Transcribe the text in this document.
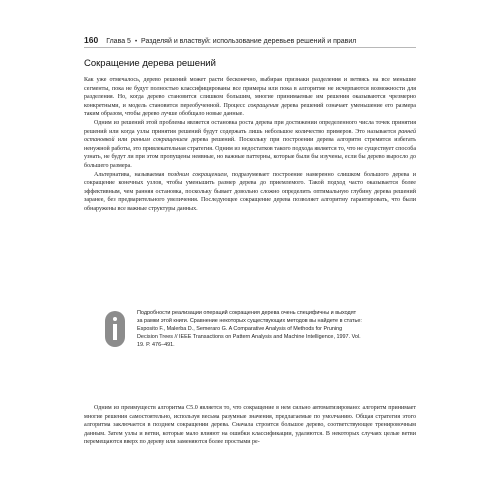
160 Глава 5 • Разделяй и властвуй: использование деревьев решений и правил
Сокращение дерева решений

Как уже отмечалось, дерево решений может расти бесконечно, выбирая признаки разделения и ветвясь на все меньшие сегменты, пока не будут полностью классифицированы все примеры или пока в алгоритме не исчерпаются возможности для разделения. Но, когда дерево становится слишком большим, многие принимаемые им решения оказываются чрезмерно конкретными, и модель становится переобученной. Процесс сокращения дерева решений означает уменьшение его размера таким образом, чтобы дерево лучше обобщало новые данные.

Одним из решений этой проблемы является остановка роста дерева при достижении определенного числа точек принятия решений или когда узлы принятия решений будут содержать лишь небольшое количество примеров. Это называется ранней остановкой или ранним сокращением дерева решений. Поскольку при построении дерева алгоритм стремится избегать ненужной работы, это привлекательная стратегия. Одним из недостатков такого подхода является то, что не существует способа узнать, не будут ли при этом пропущены неявные, но важные паттерны, которые были бы изучены, если бы дерево выросло до большего размера.

Альтернатива, называемая поздним сокращением, подразумевает построение намеренно слишком большого дерева и сокращение конечных узлов, чтобы уменьшить размер дерева до приемлемого. Такой подход часто оказывается более эффективным, чем ранняя остановка, поскольку бывает довольно сложно определить оптимальную глубину дерева решений заранее, без предварительного увеличения. Последующее сокращение дерева позволяет алгоритму гарантировать, что были обнаружены все важные структуры данных.

Подробности реализации операций сокращения дерева очень специфичны и выходят за рамки этой книги. Сравнение некоторых существующих методов вы найдете в статье: Esposito F., Malerba D., Semeraro G. A Comparative Analysis of Methods for Pruning Decision Trees // IEEE Transactions on Pattern Analysis and Machine Intelligence, 1997. Vol. 19. P. 476–491.

Одним из преимуществ алгоритма C5.0 является то, что сокращение в нем сильно автоматизировано: алгоритм принимает многие решения самостоятельно, используя весьма разумные значения, предлагаемые по умолчанию. Общая стратегия этого алгоритма заключается в позднем сокращении дерева. Сначала строится большое дерево, соответствующее тренировочным данным. Затем узлы и ветви, которые мало влияют на ошибки классификации, удаляются. В некоторых случаях целые ветви перемещаются вверх по дереву или заменяются более простыми ре-
